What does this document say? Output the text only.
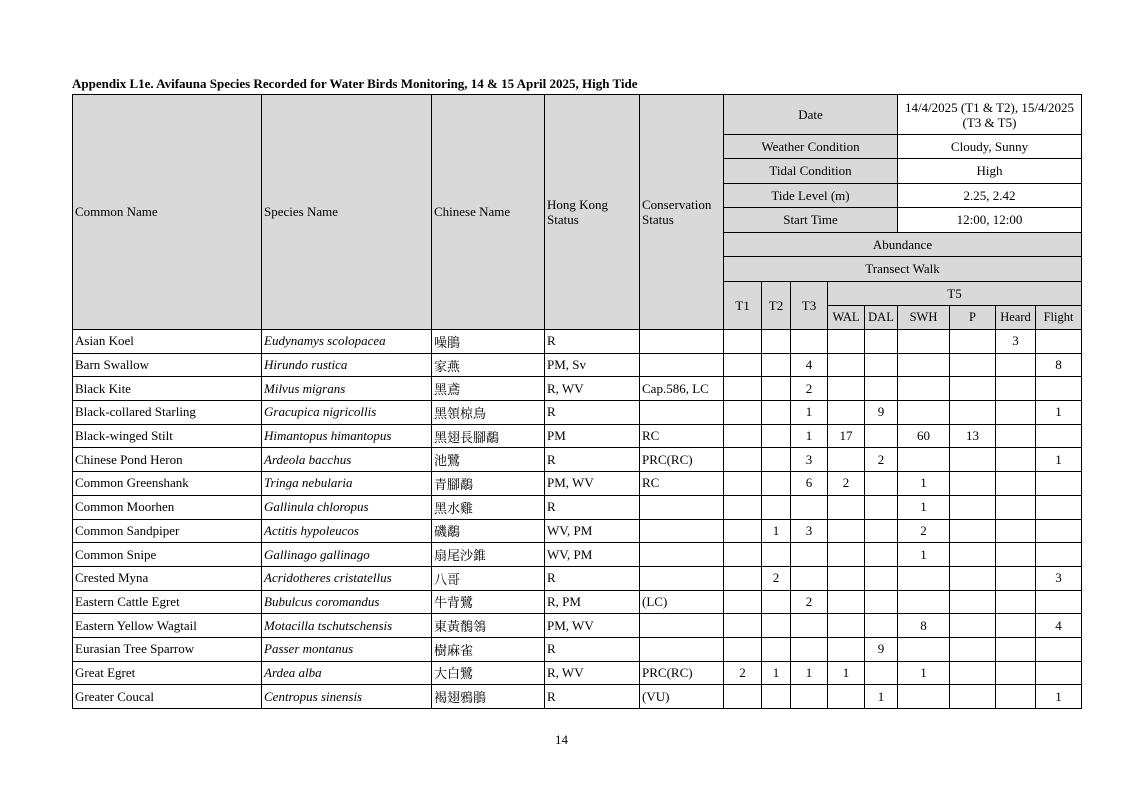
Appendix L1e. Avifauna Species Recorded for Water Birds Monitoring, 14 & 15 April 2025, High Tide
Common Name	Species Name	Chinese Name	Hong Kong Status	Conservation Status	Date					14/4/2025 (T1 & T2), 15/4/2025 (T3 & T5)			
					Weather Condition					Cloudy, Sunny			
					Tidal Condition					High			
					Tide Level (m)					2.25, 2.42			
					Start Time					12:00, 12:00			
					Abundance								
					Transect Walk								
					T1	T2	T3	T5					
								WAL	DAL	SWH	P	Heard	Flight

Asian Koel	Eudynamys scolopacea	噪鵑	R									3	
Barn Swallow	Hirundo rustica	家燕	PM, Sv				4						8
Black Kite	Milvus migrans	黑鳶	R, WV	Cap.586, LC			2						
Black-collared Starling	Gracupica nigricollis	黑領椋鳥	R				1		9				1
Black-winged Stilt	Himantopus himantopus	黑翅長腳鷸	PM	RC			1	17		60	13		
Chinese Pond Heron	Ardeola bacchus	池鷺	R	PRC(RC)			3		2				1
Common Greenshank	Tringa nebularia	青腳鷸	PM, WV	RC			6	2		1			
Common Moorhen	Gallinula chloropus	黑水雞	R							1			
Common Sandpiper	Actitis hypoleucos	磯鷸	WV, PM			1	3			2			
Common Snipe	Gallinago gallinago	扇尾沙錐	WV, PM							1			
Crested Myna	Acridotheres cristatellus	八哥	R			2							3
Eastern Cattle Egret	Bubulcus coromandus	牛背鷺	R, PM	(LC)			2						
Eastern Yellow Wagtail	Motacilla tschutschensis	東黃鶺鴒	PM, WV							8			4
Eurasian Tree Sparrow	Passer montanus	樹麻雀	R						9				
Great Egret	Ardea alba	大白鷺	R, WV	PRC(RC)	2	1	1	1		1			
Greater Coucal	Centropus sinensis	褐翅鴉鵑	R	(VU)					1				1
14
